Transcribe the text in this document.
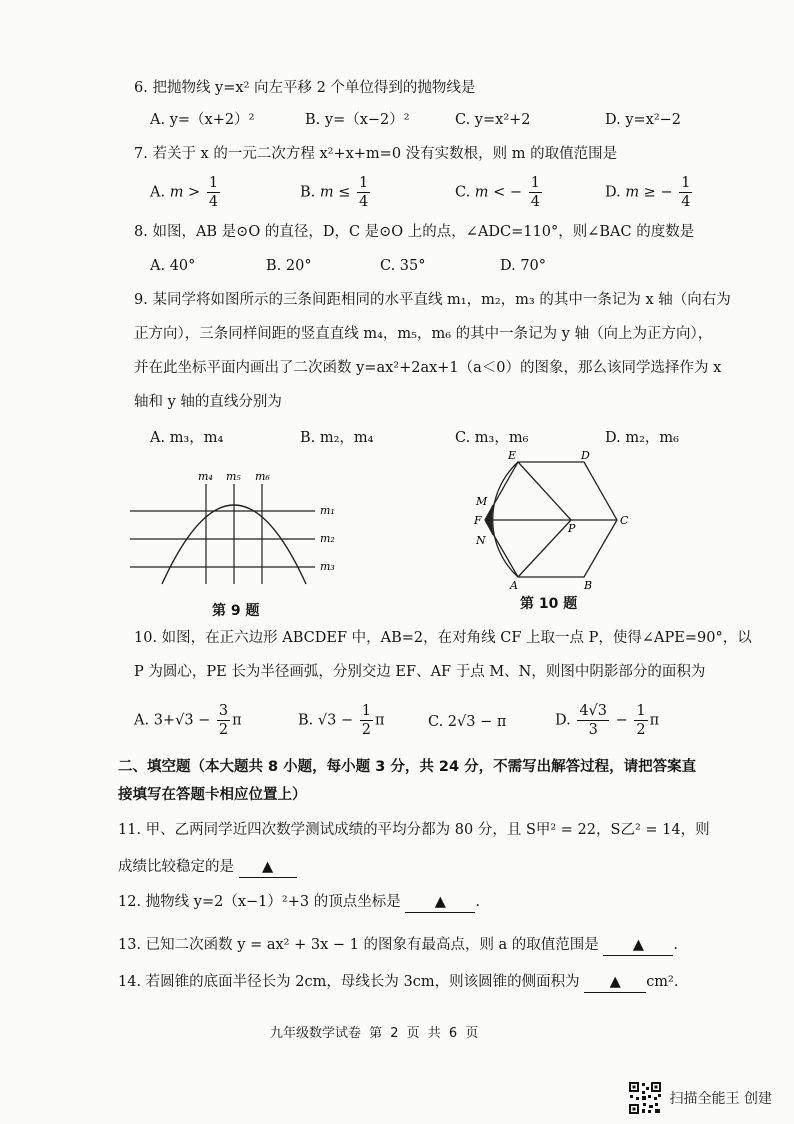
6. 把抛物线 y=x² 向左平移 2 个单位得到的抛物线是
A. y=（x+2）²	B. y=（x−2）²	C. y=x²+2	D. y=x²−2
7. 若关于 x 的一元二次方程 x²+x+m=0 没有实数根，则 m 的取值范围是
A. $m > \frac{1}{4}$	B. $m \le \frac{1}{4}$	C. m < − $\frac{1}{4}$	D. m ≥ − $\frac{1}{4}$
8. 如图，AB 是⊙O 的直径，D，C 是⊙O 上的点，∠ADC=110°，则∠BAC 的度数是
A. 40°	B. 20°	C. 35°	D. 70°
9. 某同学将如图所示的三条间距相同的水平直线 m₁，m₂，m₃ 的其中一条记为 x 轴（向右为
正方向），三条同样间距的竖直直线 m₄，m₅，m₆ 的其中一条记为 y 轴（向上为正方向），
并在此坐标平面内画出了二次函数 y=ax²+2ax+1（a＜0）的图象，那么该同学选择作为 x
轴和 y 轴的直线分别为
A. m₃，m₄	B. m₂，m₄	C. m₃，m₆	D. m₂，m₆
m₄ m₅ m₆
m₁
m₂
m₃
第 9 题
E	D
M
F
N
P
C
A	B
第 10 题
10. 如图，在正六边形 ABCDEF 中，AB=2，在对角线 CF 上取一点 P，使得∠APE=90°，以
P 为圆心，PE 长为半径画弧，分别交边 EF、AF 于点 M、N，则图中阴影部分的面积为
A. $3+√3 - \frac{3}{2}$ π	B. $√3 - \frac{1}{2}$ π	C. 2√3 − π	D. $\frac{4√3}{3} - \frac{1}{2}$ π
二、填空题（本大题共 8 小题，每小题 3 分，共 24 分，不需写出解答过程，请把答案直
接填写在答题卡相应位置上）
11. 甲、乙两同学近四次数学测试成绩的平均分都为 80 分，且 S甲² = 22，S乙² = 14，则
成绩比较稳定的是 ▲
12. 抛物线 y=2（x−1）²+3 的顶点坐标是 ▲ .
13. 已知二次函数 y = ax² + 3x − 1 的图象有最高点，则 a 的取值范围是 ▲ .
14. 若圆锥的底面半径长为 2cm，母线长为 3cm，则该圆锥的侧面积为 ▲ cm².
九年级数学试卷 第 2 页 共 6 页
扫描全能王 创建
